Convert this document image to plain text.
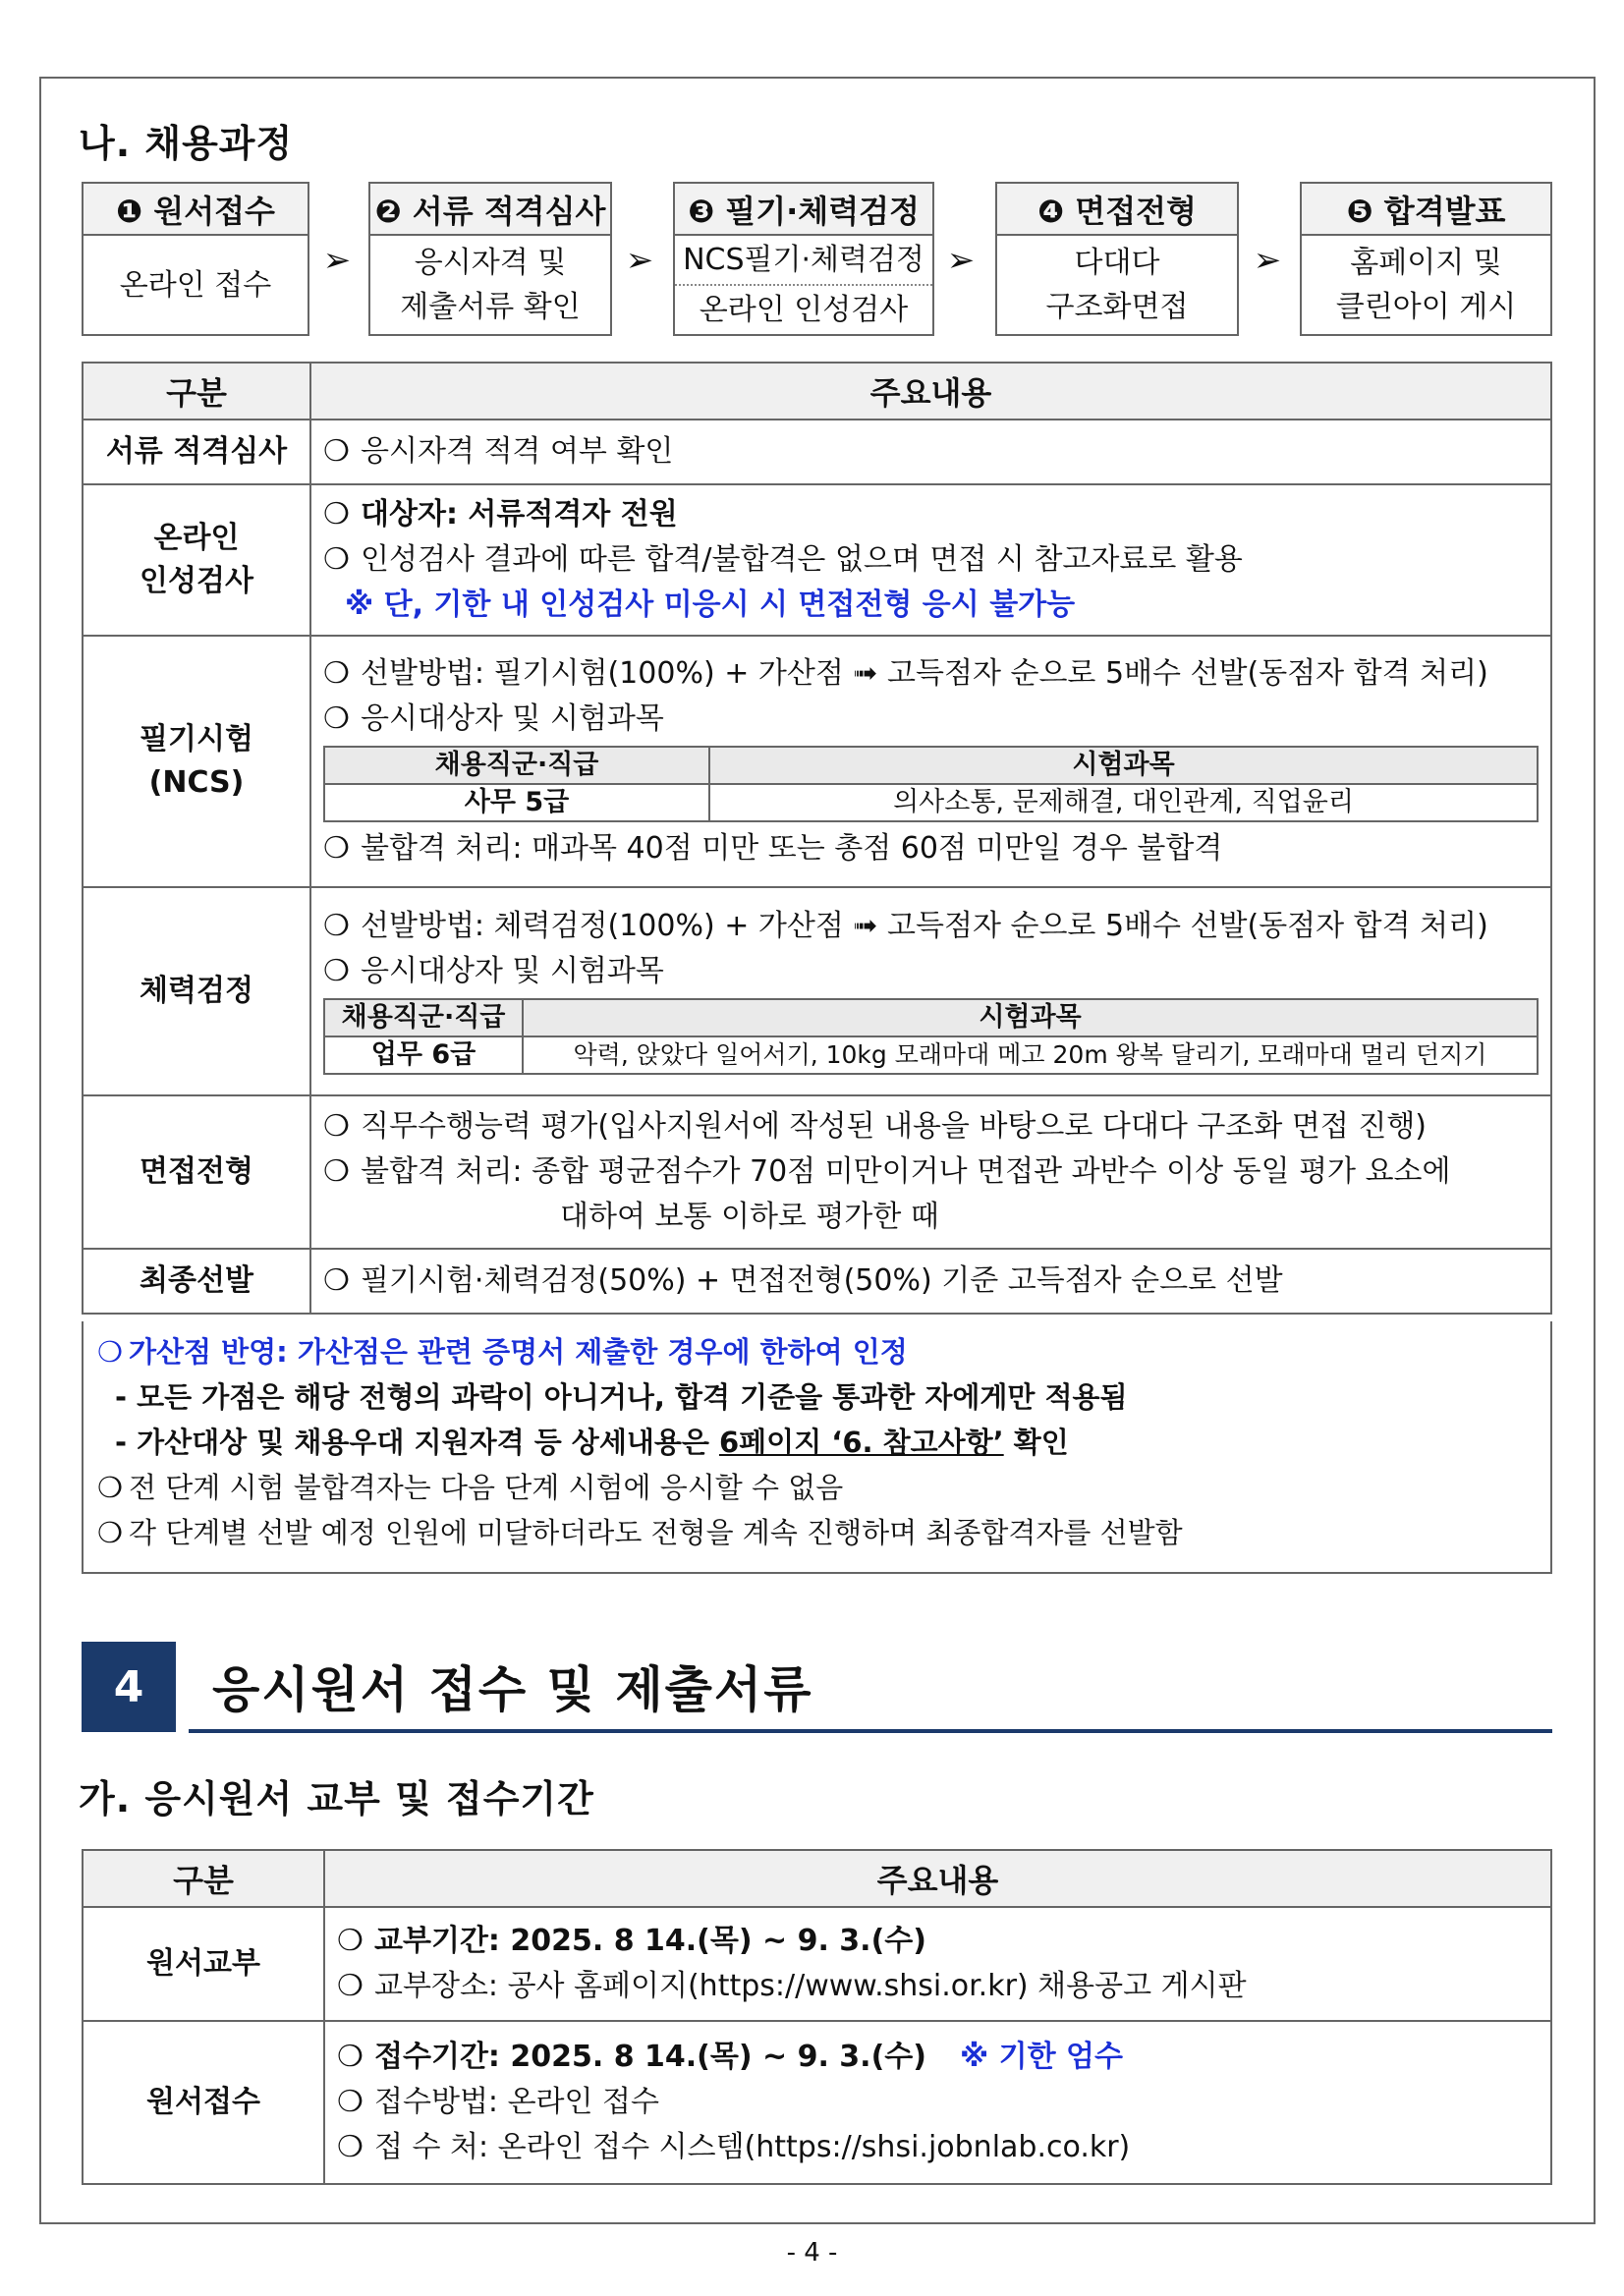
나. 채용과정
❶ 원서접수
온라인 접수
➢
❷ 서류 적격심사
응시자격 및
제출서류 확인
➢
❸ 필기·체력검정
NCS필기·체력검정
온라인 인성검사
➢
❹ 면접전형
다대다
구조화면접
➢
❺ 합격발표
홈페이지 및
클린아이 게시
구분	주요내용
서류 적격심사	❍ 응시자격 적격 여부 확인

온라인
인성검사

❍ 대상자: 서류적격자 전원
❍ 인성검사 결과에 따른 합격/불합격은 없으며 면접 시 참고자료로 활용
※ 단, 기한 내 인성검사 미응시 시 면접전형 응시 불가능

필기시험
(NCS)

❍ 선발방법: 필기시험(100%) + 가산점 ➟ 고득점자 순으로 5배수 선발(동점자 합격 처리)
❍ 응시대상자 및 시험과목
채용직군·직급	시험과목
사무 5급	의사소통, 문제해결, 대인관계, 직업윤리
❍ 불합격 처리: 매과목 40점 미만 또는 총점 60점 미만일 경우 불합격

체력검정	
❍ 선발방법: 체력검정(100%) + 가산점 ➟ 고득점자 순으로 5배수 선발(동점자 합격 처리)
❍ 응시대상자 및 시험과목
채용직군·직급	시험과목
업무 6급	악력, 앉았다 일어서기, 10kg 모래마대 메고 20m 왕복 달리기, 모래마대 멀리 던지기

면접전형	
❍ 직무수행능력 평가(입사지원서에 작성된 내용을 바탕으로 다대다 구조화 면접 진행)
❍ 불합격 처리: 종합 평균점수가 70점 미만이거나 면접관 과반수 이상 동일 평가 요소에
대하여 보통 이하로 평가한 때

최종선발	❍ 필기시험·체력검정(50%) + 면접전형(50%) 기준 고득점자 순으로 선발
❍ 가산점 반영: 가산점은 관련 증명서 제출한 경우에 한하여 인정
- 모든 가점은 해당 전형의 과락이 아니거나, 합격 기준을 통과한 자에게만 적용됨
- 가산대상 및 채용우대 지원자격 등 상세내용은 6페이지 ‘6. 참고사항’ 확인
❍ 전 단계 시험 불합격자는 다음 단계 시험에 응시할 수 없음
❍ 각 단계별 선발 예정 인원에 미달하더라도 전형을 계속 진행하며 최종합격자를 선발함
4	응시원서 접수 및 제출서류
가. 응시원서 교부 및 접수기간
구분	주요내용
원서교부	❍ 교부기간: 2025. 8 14.(목) ~ 9. 3.(수)
❍ 교부장소: 공사 홈페이지(https://www.shsi.or.kr) 채용공고 게시판

원서접수	❍ 접수기간: 2025. 8 14.(목) ~ 9. 3.(수) ※ 기한 엄수
❍ 접수방법: 온라인 접수
❍ 접 수 처: 온라인 접수 시스템(https://shsi.jobnlab.co.kr)
- 4 -
